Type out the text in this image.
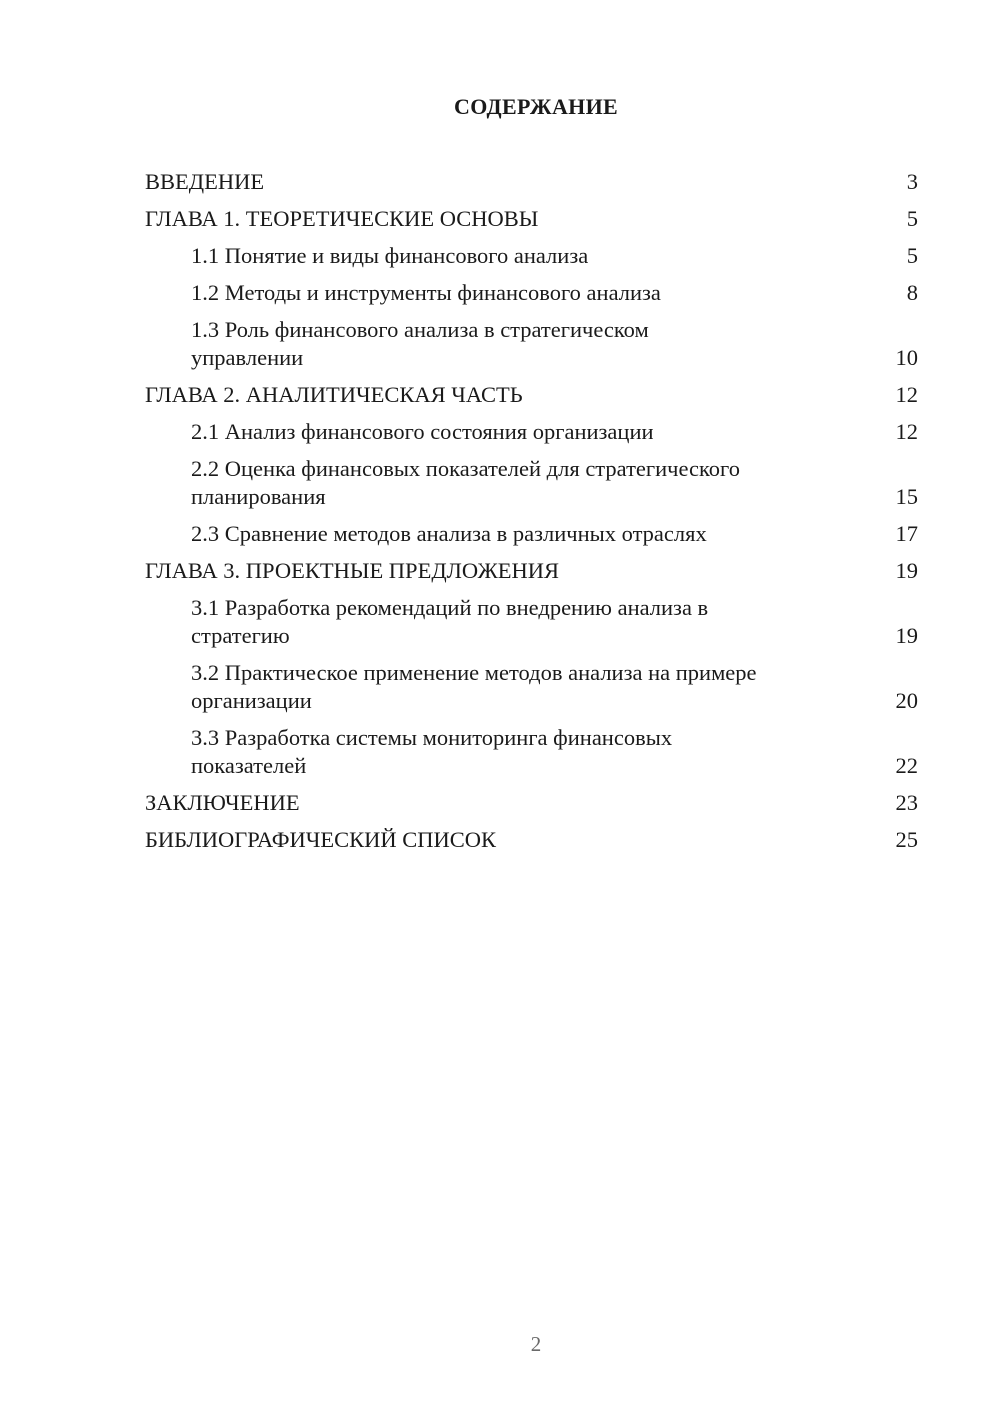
СОДЕРЖАНИЕ
ВВЕДЕНИЕ	3
ГЛАВА 1. ТЕОРЕТИЧЕСКИЕ ОСНОВЫ	5
1.1 Понятие и виды финансового анализа	5
1.2 Методы и инструменты финансового анализа	8
1.3 Роль финансового анализа в стратегическом управлении	10
ГЛАВА 2. АНАЛИТИЧЕСКАЯ ЧАСТЬ	12
2.1 Анализ финансового состояния организации	12
2.2 Оценка финансовых показателей для стратегического планирования	15
2.3 Сравнение методов анализа в различных отраслях	17
ГЛАВА 3. ПРОЕКТНЫЕ ПРЕДЛОЖЕНИЯ	19
3.1 Разработка рекомендаций по внедрению анализа в стратегию	19
3.2 Практическое применение методов анализа на примере организации	20
3.3 Разработка системы мониторинга финансовых показателей	22
ЗАКЛЮЧЕНИЕ	23
БИБЛИОГРАФИЧЕСКИЙ СПИСОК	25
2
